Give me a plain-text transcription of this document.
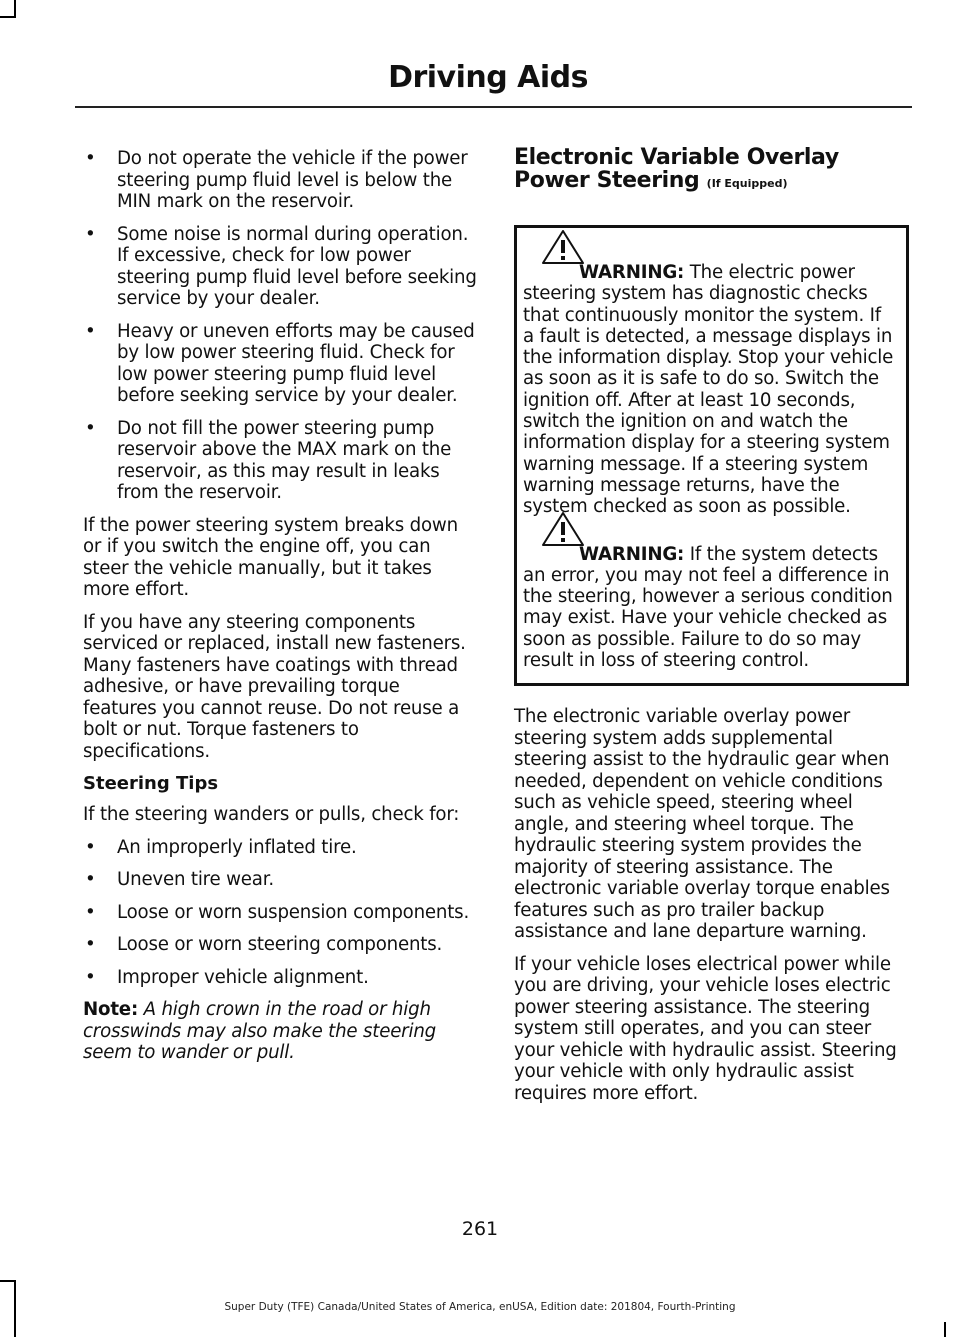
Driving Aids
• Do not operate the vehicle if the power steering pump fluid level is below the MIN mark on the reservoir.
• Some noise is normal during operation. If excessive, check for low power steering pump fluid level before seeking service by your dealer.
• Heavy or uneven efforts may be caused by low power steering fluid. Check for low power steering pump fluid level before seeking service by your dealer.
• Do not fill the power steering pump reservoir above the MAX mark on the reservoir, as this may result in leaks from the reservoir.

If the power steering system breaks down or if you switch the engine off, you can steer the vehicle manually, but it takes more effort.

If you have any steering components serviced or replaced, install new fasteners. Many fasteners have coatings with thread adhesive, or have prevailing torque features you cannot reuse. Do not reuse a bolt or nut. Torque fasteners to specifications.

Steering Tips

If the steering wanders or pulls, check for:

• An improperly inflated tire.
• Uneven tire wear.
• Loose or worn suspension components.
• Loose or worn steering components.
• Improper vehicle alignment.

Note: A high crown in the road or high crosswinds may also make the steering seem to wander or pull.

Electronic Variable Overlay Power Steering (If Equipped)
WARNING: The electric power steering system has diagnostic checks that continuously monitor the system. If a fault is detected, a message displays in the information display. Stop your vehicle as soon as it is safe to do so. Switch the ignition off. After at least 10 seconds, switch the ignition on and watch the information display for a steering system warning message. If a steering system warning message returns, have the system checked as soon as possible.
WARNING: If the system detects an error, you may not feel a difference in the steering, however a serious condition may exist. Have your vehicle checked as soon as possible. Failure to do so may result in loss of steering control.

The electronic variable overlay power steering system adds supplemental steering assist to the hydraulic gear when needed, dependent on vehicle conditions such as vehicle speed, steering wheel angle, and steering wheel torque. The hydraulic steering system provides the majority of steering assistance. The electronic variable overlay torque enables features such as pro trailer backup assistance and lane departure warning.

If your vehicle loses electrical power while you are driving, your vehicle loses electric power steering assistance. The steering system still operates, and you can steer your vehicle with hydraulic assist. Steering your vehicle with only hydraulic assist requires more effort.

261
Super Duty (TFE) Canada/United States of America, enUSA, Edition date: 201804, Fourth-Printing
